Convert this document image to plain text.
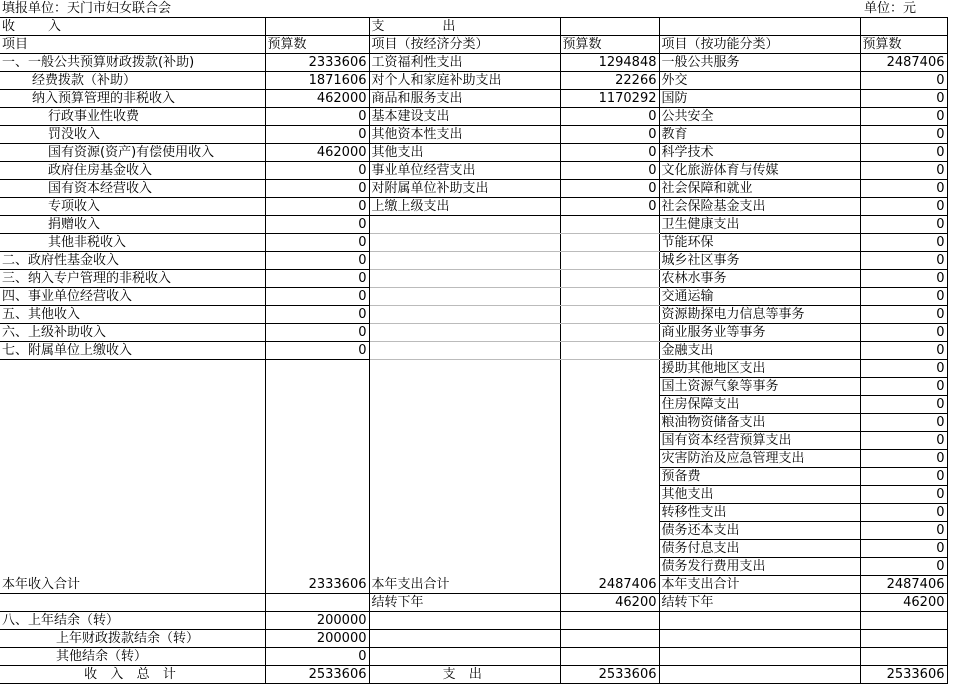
填报单位：天门市妇女联合会	单位：元
收        入		支              出			
项目	预算数	项目（按经济分类）	预算数	项目（按功能分类）	预算数
一、一般公共预算财政拨款(补助)	2333606	工资福利性支出	1294848	一般公共服务	2487406
经费拨款（补助）	1871606	对个人和家庭补助支出	22266	外交	0
纳入预算管理的非税收入	462000	商品和服务支出	1170292	国防	0
行政事业性收费	0	基本建设支出	0	公共安全	0
罚没收入	0	其他资本性支出	0	教育	0
国有资源(资产)有偿使用收入	462000	其他支出	0	科学技术	0
政府住房基金收入	0	事业单位经营支出	0	文化旅游体育与传媒	0
国有资本经营收入	0	对附属单位补助支出	0	社会保障和就业	0
专项收入	0	上缴上级支出	0	社会保险基金支出	0
捐赠收入	0			卫生健康支出	0
其他非税收入	0			节能环保	0
二、政府性基金收入	0			城乡社区事务	0
三、纳入专户管理的非税收入	0			农林水事务	0
四、事业单位经营收入	0			交通运输	0
五、其他收入	0			资源勘探电力信息等事务	0
六、上级补助收入	0			商业服务业等事务	0
七、附属单位上缴收入	0			金融支出	0
				援助其他地区支出	0
				国土资源气象等事务	0
				住房保障支出	0
				粮油物资储备支出	0
				国有资本经营预算支出	0
				灾害防治及应急管理支出	0
				预备费	0
				其他支出	0
				转移性支出	0
				债务还本支出	0
				债务付息支出	0
				债务发行费用支出	0
本年收入合计	2333606	本年支出合计	2487406	本年支出合计	2487406
		结转下年	46200	结转下年	46200
八、上年结余（转）	200000				
上年财政拨款结余（转）	200000				
其他结余（转）	0				
收 入 总 计	2533606	支 出	2533606		2533606
